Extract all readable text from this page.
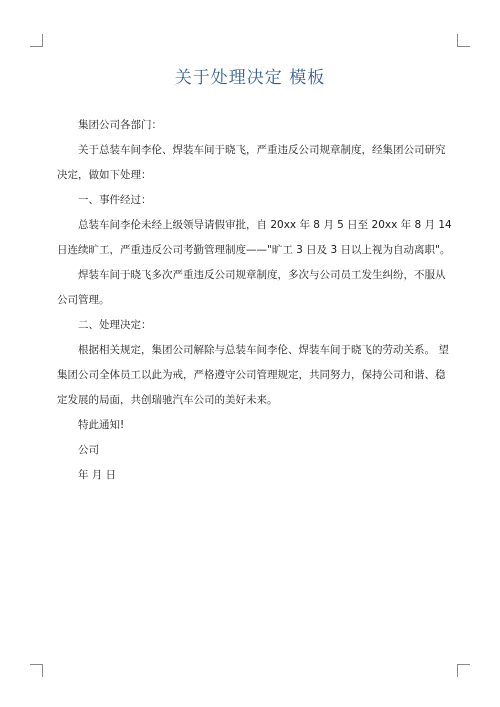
关于处理决定 模板

集团公司各部门：

关于总装车间李伦、焊装车间于晓飞，严重违反公司规章制度，经集团公司研究决定，做如下处理：

一、事件经过：

总装车间李伦未经上级领导请假审批，自 20xx 年 8 月 5 日至 20xx 年 8 月 14 日连续旷工，严重违反公司考勤管理制度——"旷工 3 日及 3 日以上视为自动离职"。

焊装车间于晓飞多次严重违反公司规章制度，多次与公司员工发生纠纷，不服从公司管理。

二、处理决定：

根据相关规定，集团公司解除与总装车间李伦、焊装车间于晓飞的劳动关系。 望集团公司全体员工以此为戒，严格遵守公司管理规定，共同努力，保持公司和谐、稳定发展的局面，共创瑞驰汽车公司的美好未来。

特此通知!

公司

年 月 日
